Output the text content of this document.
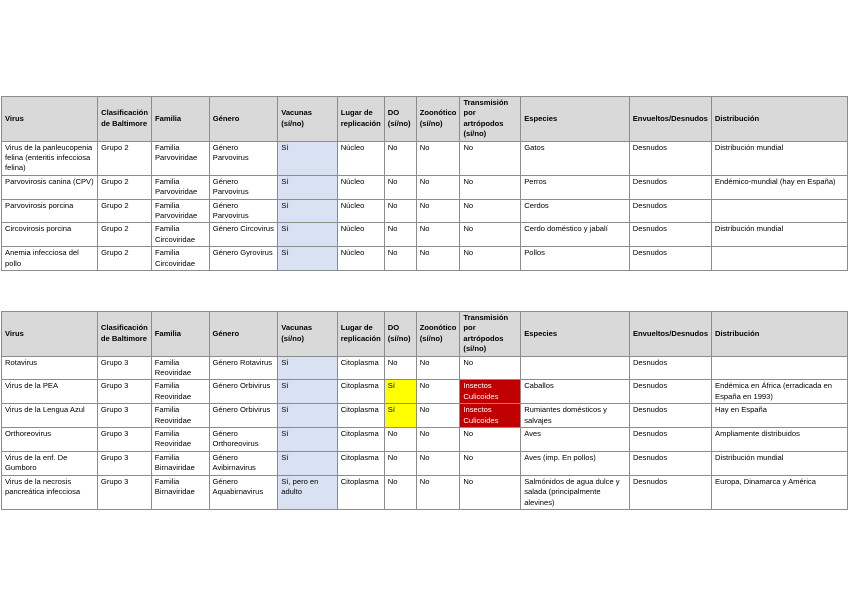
Virus	Clasificación de Baltimore	Familia	Género	Vacunas (sí/no)	Lugar de replicación	DO (sí/no)	Zoonótico (sí/no)	Transmisión por artrópodos (sí/no)	Especies	Envueltos/Desnudos	Distribución
Virus de la panleucopenia felina (enteritis infecciosa felina)	Grupo 2	Familia Parvoviridae	Género Parvovirus	Sí	Núcleo	No	No	No	Gatos	Desnudos	Distribución mundial
Parvovirosis canina (CPV)	Grupo 2	Familia Parvoviridae	Género Parvovirus	Sí	Núcleo	No	No	No	Perros	Desnudos	Endémico-mundial (hay en España)
Parvovirosis porcina	Grupo 2	Familia Parvoviridae	Género Parvovirus	Sí	Núcleo	No	No	No	Cerdos	Desnudos	
Circovirosis porcina	Grupo 2	Familia Circoviridae	Género Circovirus	Sí	Núcleo	No	No	No	Cerdo doméstico y jabalí	Desnudos	Distribución mundial
Anemia infecciosa del pollo	Grupo 2	Familia Circoviridae	Género Gyrovirus	Sí	Núcleo	No	No	No	Pollos	Desnudos	
Virus	Clasificación de Baltimore	Familia	Género	Vacunas (sí/no)	Lugar de replicación	DO (sí/no)	Zoonótico (sí/no)	Transmisión por artrópodos (sí/no)	Especies	Envueltos/Desnudos	Distribución
Rotavirus	Grupo 3	Familia Reoviridae	Género Rotavirus	Sí	Citoplasma	No	No	No		Desnudos	
Virus de la PEA	Grupo 3	Familia Reoviridae	Género Orbivirus	Sí	Citoplasma	Sí	No	Insectos Culicoides	Caballos	Desnudos	Endémica en África (erradicada en España en 1993)
Virus de la Lengua Azul	Grupo 3	Familia Reoviridae	Género Orbivirus	Sí	Citoplasma	Sí	No	Insectos Culicoides	Rumiantes domésticos y salvajes	Desnudos	Hay en España
Orthoreovirus	Grupo 3	Familia Reoviridae	Género Orthoreovirus	Sí	Citoplasma	No	No	No	Aves	Desnudos	Ampliamente distribuidos
Virus de la enf. De Gumboro	Grupo 3	Familia Birnaviridae	Género Avibirnavirus	Sí	Citoplasma	No	No	No	Aves (imp. En pollos)	Desnudos	Distribución mundial
Virus de la necrosis pancreática infecciosa	Grupo 3	Familia Birnaviridae	Género Aquabirnavirus	Sí, pero en adulto	Citoplasma	No	No	No	Salmónidos de agua dulce y salada (principalmente alevines)	Desnudos	Europa, Dinamarca y América
